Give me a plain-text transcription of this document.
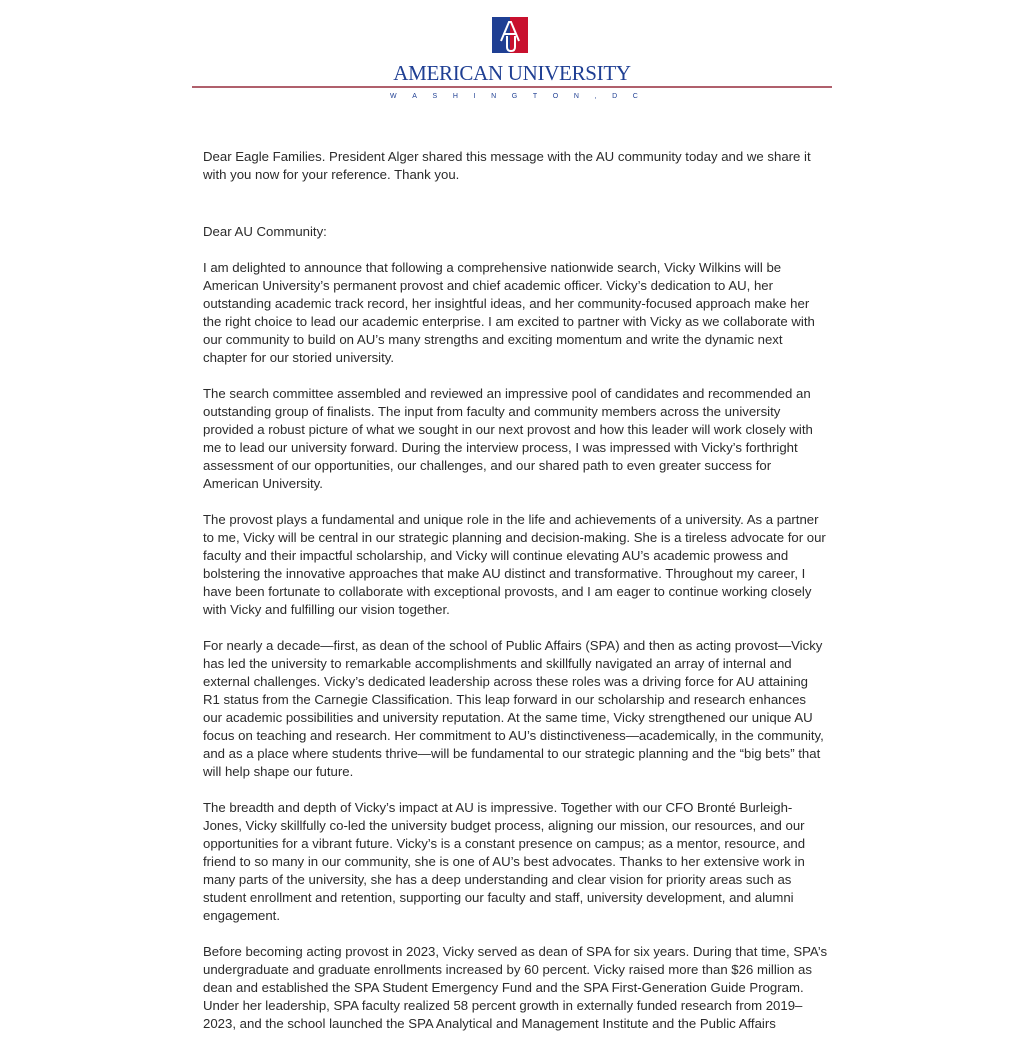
AMERICAN UNIVERSITY
W A S H I N G T O N , D C

Dear Eagle Families. President Alger shared this message with the AU community today and we share it with you now for your reference. Thank you.

Dear AU Community:

I am delighted to announce that following a comprehensive nationwide search, Vicky Wilkins will be American University’s permanent provost and chief academic officer. Vicky’s dedication to AU, her outstanding academic track record, her insightful ideas, and her community-focused approach make her the right choice to lead our academic enterprise. I am excited to partner with Vicky as we collaborate with our community to build on AU’s many strengths and exciting momentum and write the dynamic next chapter for our storied university.

The search committee assembled and reviewed an impressive pool of candidates and recommended an outstanding group of finalists. The input from faculty and community members across the university provided a robust picture of what we sought in our next provost and how this leader will work closely with me to lead our university forward. During the interview process, I was impressed with Vicky’s forthright assessment of our opportunities, our challenges, and our shared path to even greater success for American University.

The provost plays a fundamental and unique role in the life and achievements of a university. As a partner to me, Vicky will be central in our strategic planning and decision-making. She is a tireless advocate for our faculty and their impactful scholarship, and Vicky will continue elevating AU’s academic prowess and bolstering the innovative approaches that make AU distinct and transformative. Throughout my career, I have been fortunate to collaborate with exceptional provosts, and I am eager to continue working closely with Vicky and fulfilling our vision together.

For nearly a decade—first, as dean of the school of Public Affairs (SPA) and then as acting provost—Vicky has led the university to remarkable accomplishments and skillfully navigated an array of internal and external challenges. Vicky’s dedicated leadership across these roles was a driving force for AU attaining R1 status from the Carnegie Classification. This leap forward in our scholarship and research enhances our academic possibilities and university reputation. At the same time, Vicky strengthened our unique AU focus on teaching and research. Her commitment to AU’s distinctiveness—academically, in the community, and as a place where students thrive—will be fundamental to our strategic planning and the “big bets” that will help shape our future.

The breadth and depth of Vicky’s impact at AU is impressive. Together with our CFO Bronté Burleigh-Jones, Vicky skillfully co-led the university budget process, aligning our mission, our resources, and our opportunities for a vibrant future. Vicky’s is a constant presence on campus; as a mentor, resource, and friend to so many in our community, she is one of AU’s best advocates. Thanks to her extensive work in many parts of the university, she has a deep understanding and clear vision for priority areas such as student enrollment and retention, supporting our faculty and staff, university development, and alumni engagement.

Before becoming acting provost in 2023, Vicky served as dean of SPA for six years. During that time, SPA’s undergraduate and graduate enrollments increased by 60 percent. Vicky raised more than $26 million as dean and established the SPA Student Emergency Fund and the SPA First-Generation Guide Program. Under her leadership, SPA faculty realized 58 percent growth in externally funded research from 2019–2023, and the school launched the SPA Analytical and Management Institute and the Public Affairs
